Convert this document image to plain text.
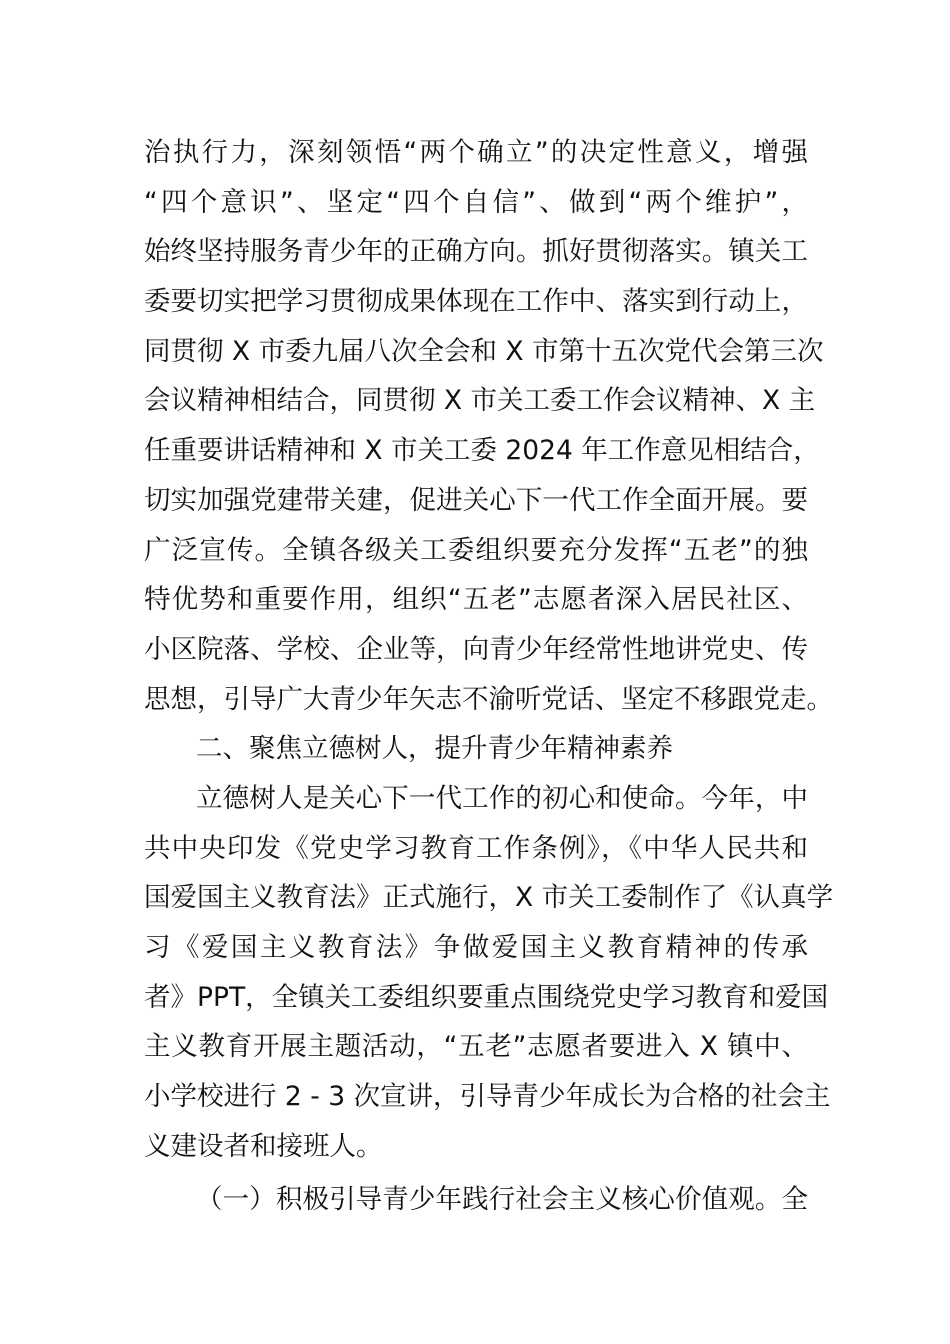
治执行力，深刻领悟“两个确立”的决定性意义，增强
“四个意识”、坚定“四个自信”、做到“两个维护”，
始终坚持服务青少年的正确方向。抓好贯彻落实。镇关工
委要切实把学习贯彻成果体现在工作中、落实到行动上，
同贯彻 X 市委九届八次全会和 X 市第十五次党代会第三次
会议精神相结合，同贯彻 X 市关工委工作会议精神、X 主
任重要讲话精神和 X 市关工委 2024 年工作意见相结合，
切实加强党建带关建，促进关心下一代工作全面开展。要
广泛宣传。全镇各级关工委组织要充分发挥“五老”的独
特优势和重要作用，组织“五老”志愿者深入居民社区、
小区院落、学校、企业等，向青少年经常性地讲党史、传
思想，引导广大青少年矢志不渝听党话、坚定不移跟党走。
二、聚焦立德树人，提升青少年精神素养
立德树人是关心下一代工作的初心和使命。今年，中
共中央印发《党史学习教育工作条例》，《中华人民共和
国爱国主义教育法》正式施行，X 市关工委制作了《认真学
习《爱国主义教育法》争做爱国主义教育精神的传承
者》PPT，全镇关工委组织要重点围绕党史学习教育和爱国
主义教育开展主题活动，“五老”志愿者要进入 X 镇中、
小学校进行 2 - 3 次宣讲，引导青少年成长为合格的社会主
义建设者和接班人。
（一）积极引导青少年践行社会主义核心价值观。全
